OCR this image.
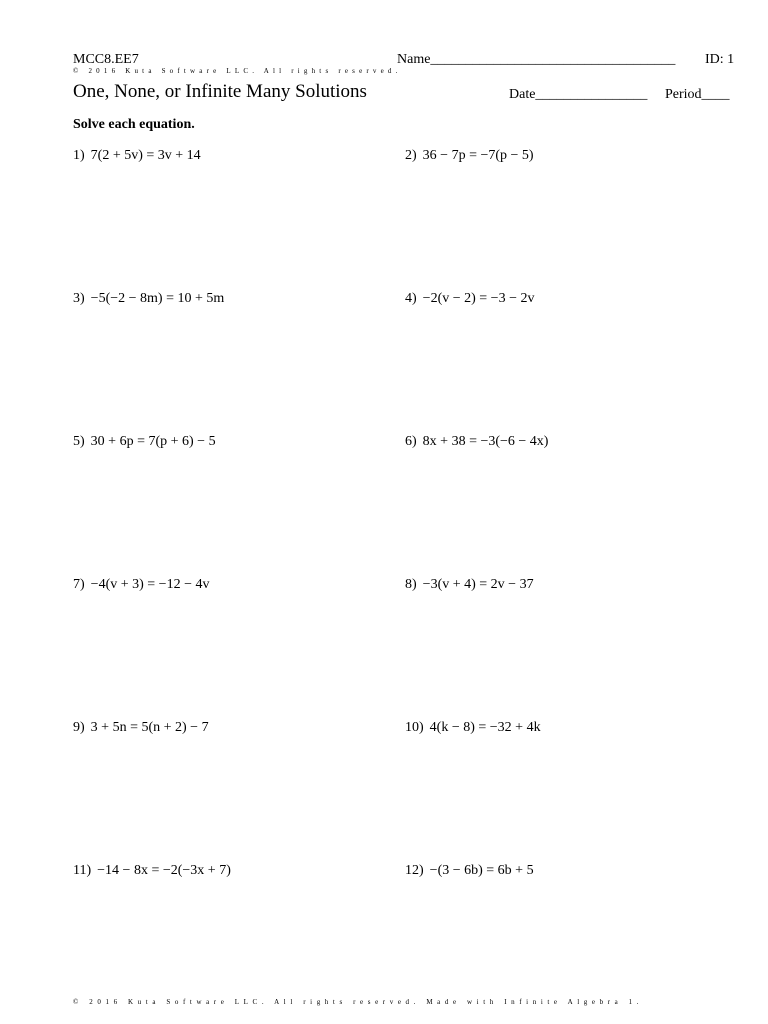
MCC8.EE7	Name___________________________________ ID: 1
© 2016 Kuta Software LLC. All rights reserved.
One, None, or Infinite Many Solutions	Date________________ Period____
Solve each equation.
1) 7(2 + 5v) = 3v + 14	2) 36 − 7p = −7(p − 5)
3) −5(−2 − 8m) = 10 + 5m	4) −2(v − 2) = −3 − 2v
5) 30 + 6p = 7(p + 6) − 5	6) 8x + 38 = −3(−6 − 4x)
7) −4(v + 3) = −12 − 4v	8) −3(v + 4) = 2v − 37
9) 3 + 5n = 5(n + 2) − 7	10) 4(k − 8) = −32 + 4k
11) −14 − 8x = −2(−3x + 7)	12) −(3 − 6b) = 6b + 5
© 2016 Kuta Software LLC. All rights reserved. Made with Infinite Algebra 1.
